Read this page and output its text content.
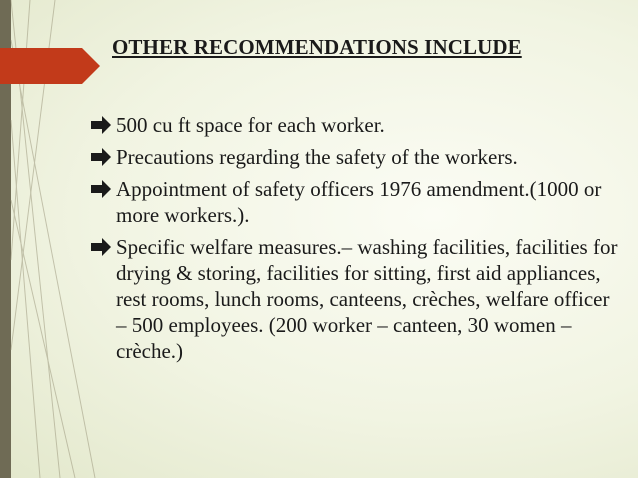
OTHER RECOMMENDATIONS INCLUDE
500 cu ft space for each worker.
Precautions regarding the safety of the workers.
Appointment of safety officers 1976 amendment.(1000 or more workers.).
Specific welfare measures.– washing facilities, facilities for drying & storing, facilities for sitting, first aid appliances, rest rooms, lunch rooms, canteens, crèches, welfare officer – 500 employees. (200 worker – canteen, 30 women – crèche.)
